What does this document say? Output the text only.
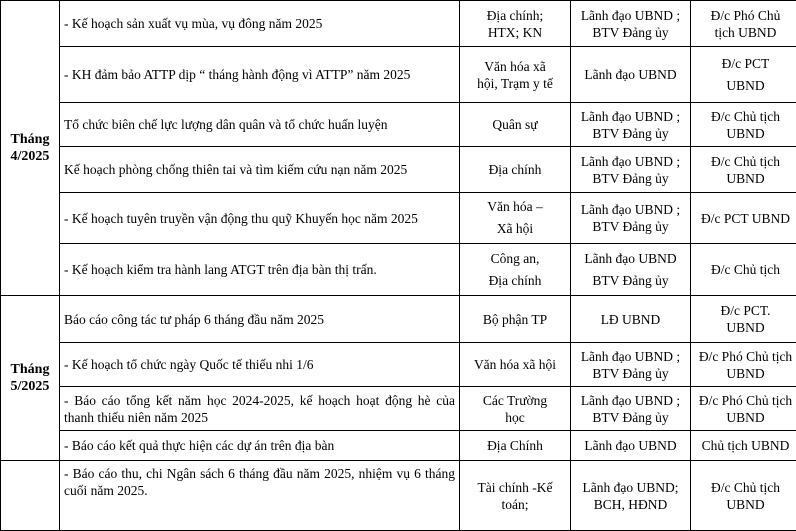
Tháng
4/2025	- Kế hoạch sản xuất vụ mùa, vụ đông năm 2025	Địa chính;
HTX; KN	Lãnh đạo UBND ;
BTV Đảng ủy	Đ/c Phó Chủ
tịch UBND

	- KH đảm bảo ATTP dịp “ tháng hành động vì ATTP” năm 2025	Văn hóa xã
hội, Trạm y tế	Lãnh đạo UBND	Đ/c PCT
UBND

	Tổ chức biên chế lực lượng dân quân và tổ chức huấn luyện	Quân sự	Lãnh đạo UBND ;
BTV Đảng ủy	Đ/c Chủ tịch
UBND

	Kế hoạch phòng chống thiên tai và tìm kiếm cứu nạn năm 2025	Địa chính	Lãnh đạo UBND ;
BTV Đảng ủy	Đ/c Chủ tịch
UBND

	- Kế hoạch tuyên truyền vận động thu quỹ Khuyến học năm 2025	Văn hóa –
Xã hội	Lãnh đạo UBND ;
BTV Đảng ủy	Đ/c PCT UBND

	- Kế hoạch kiểm tra hành lang ATGT trên địa bàn thị trấn.	Công an,
Địa chính	Lãnh đạo UBND
BTV Đảng ủy	Đ/c Chủ tịch

Tháng
5/2025	Báo cáo công tác tư pháp 6 tháng đầu năm 2025	Bộ phận TP	LĐ UBND	Đ/c PCT.
UBND

	- Kế hoạch tổ chức ngày Quốc tế thiếu nhi 1/6	Văn hóa xã hội	Lãnh đạo UBND ;
BTV Đảng ủy	Đ/c Phó Chủ tịch
UBND

	- Báo cáo tổng kết năm học 2024-2025, kế hoạch hoạt động hè của thanh thiếu niên năm 2025	Các Trường
học	Lãnh đạo UBND ;
BTV Đảng ủy	Đ/c Phó Chủ tịch
UBND

	- Báo cáo kết quả thực hiện các dự án trên địa bàn	Địa Chính	Lãnh đạo UBND	Chủ tịch UBND

	- Báo cáo thu, chi Ngân sách 6 tháng đầu năm 2025, nhiệm vụ 6 tháng cuối năm 2025.	Tài chính -Kế
toán;	Lãnh đạo UBND;
BCH, HĐND	Đ/c Chủ tịch
UBND
